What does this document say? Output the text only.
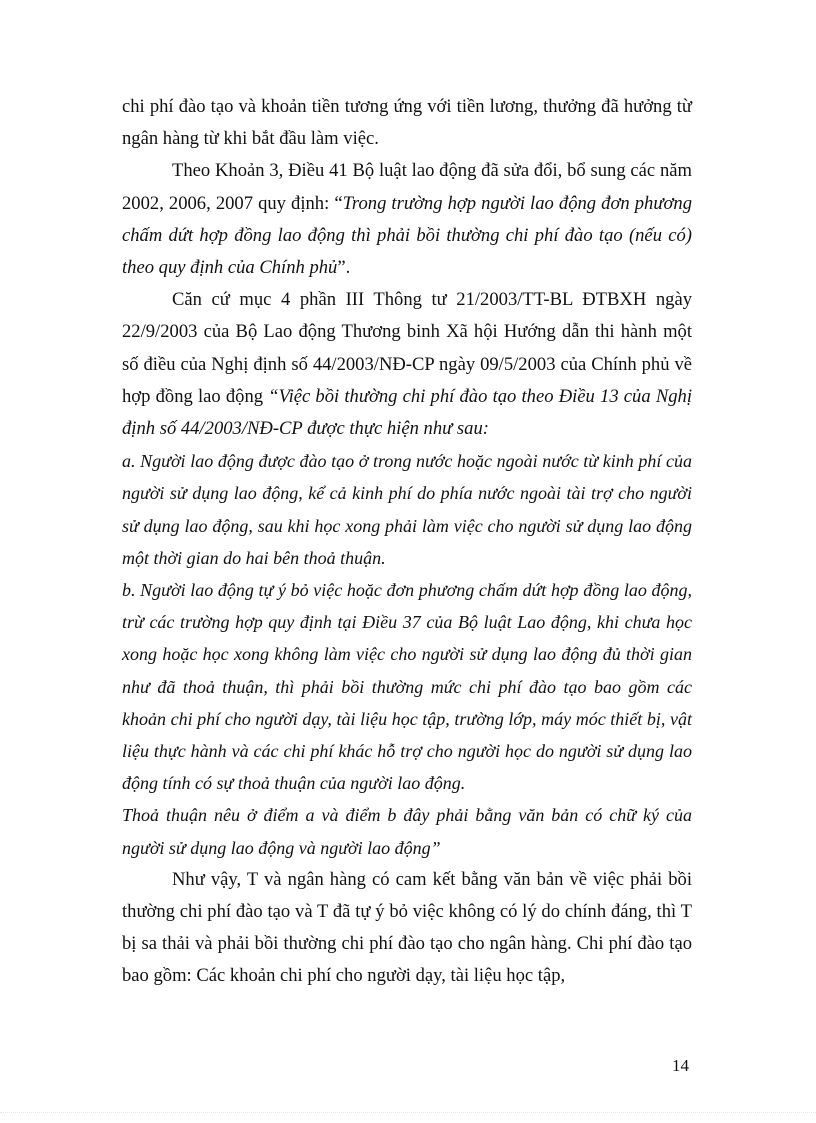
chi phí đào tạo và khoản tiền tương ứng với tiền lương, thưởng đã hưởng từ ngân hàng từ khi bắt đầu làm việc.

Theo Khoản 3, Điều 41 Bộ luật lao động đã sửa đổi, bổ sung các năm 2002, 2006, 2007 quy định: “Trong trường hợp người lao động đơn phương chấm dứt hợp đồng lao động thì phải bồi thường chi phí đào tạo (nếu có) theo quy định của Chính phủ”.

Căn cứ mục 4 phần III Thông tư 21/2003/TT-BL ĐTBXH ngày 22/9/2003 của Bộ Lao động Thương binh Xã hội Hướng dẫn thi hành một số điều của Nghị định số 44/2003/NĐ-CP ngày 09/5/2003 của Chính phủ về hợp đồng lao động “Việc bồi thường chi phí đào tạo theo Điều 13 của Nghị định số 44/2003/NĐ-CP được thực hiện như sau:

a. Người lao động được đào tạo ở trong nước hoặc ngoài nước từ kinh phí của người sử dụng lao động, kể cả kinh phí do phía nước ngoài tài trợ cho người sử dụng lao động, sau khi học xong phải làm việc cho người sử dụng lao động một thời gian do hai bên thoả thuận.

b. Người lao động tự ý bỏ việc hoặc đơn phương chấm dứt hợp đồng lao động, trừ các trường hợp quy định tại Điều 37 của Bộ luật Lao động, khi chưa học xong hoặc học xong không làm việc cho người sử dụng lao động đủ thời gian như đã thoả thuận, thì phải bồi thường mức chi phí đào tạo bao gồm các khoản chi phí cho người dạy, tài liệu học tập, trường lớp, máy móc thiết bị, vật liệu thực hành và các chi phí khác hỗ trợ cho người học do người sử dụng lao động tính có sự thoả thuận của người lao động.

Thoả thuận nêu ở điểm a và điểm b đây phải bằng văn bản có chữ ký của người sử dụng lao động và người lao động”

Như vậy, T và ngân hàng có cam kết bằng văn bản về việc phải bồi thường chi phí đào tạo và T đã tự ý bỏ việc không có lý do chính đáng, thì T bị sa thải và phải bồi thường chi phí đào tạo cho ngân hàng. Chi phí đào tạo bao gồm: Các khoản chi phí cho người dạy, tài liệu học tập,

14
